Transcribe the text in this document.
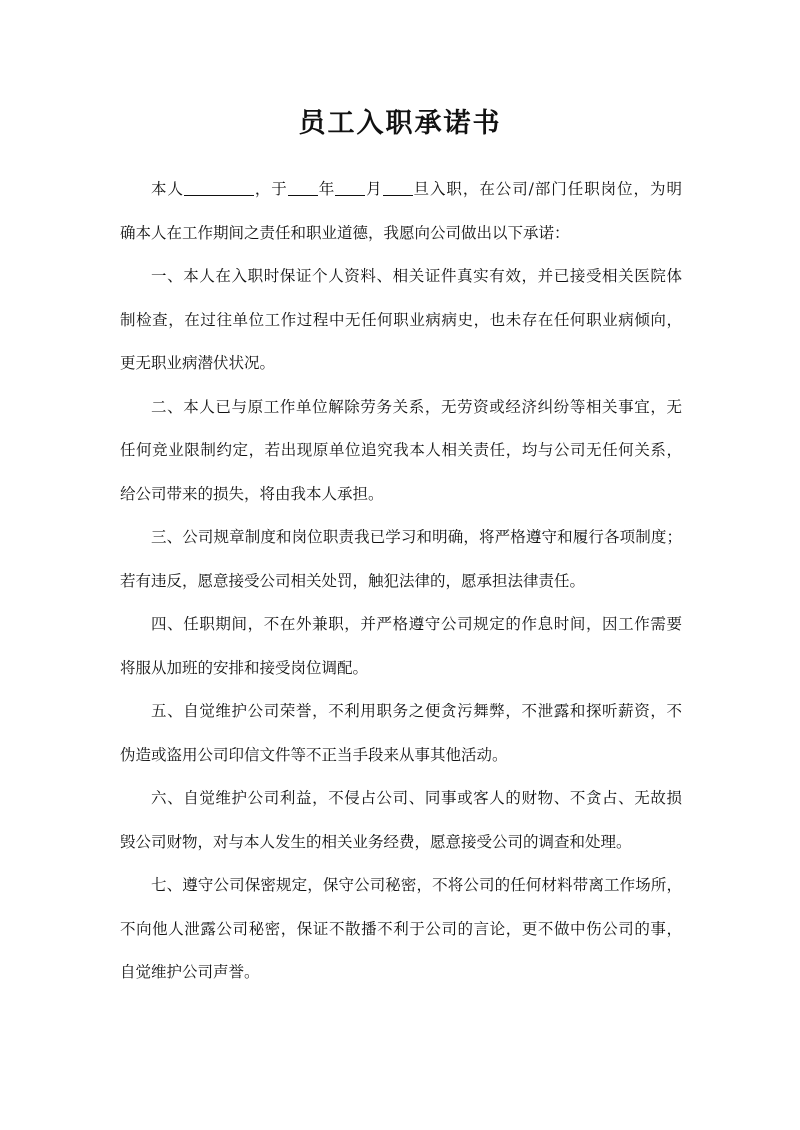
员工入职承诺书
本人	，于 年 月 旦入职，在公司/部门任职岗位，为明
确本人在工作期间之责任和职业道德，我愿向公司做出以下承诺：
一、本人在入职时保证个人资料、相关证件真实有效，并已接受相关医院体
制检查，在过往单位工作过程中无任何职业病病史，也未存在任何职业病倾向，
更无职业病潜伏状况。
二、本人已与原工作单位解除劳务关系，无劳资或经济纠纷等相关事宜，无
任何竞业限制约定，若出现原单位追究我本人相关责任，均与公司无任何关系，
给公司带来的损失，将由我本人承担。
三、公司规章制度和岗位职责我已学习和明确，将严格遵守和履行各项制度；
若有违反，愿意接受公司相关处罚，触犯法律的，愿承担法律责任。
四、任职期间，不在外兼职，并严格遵守公司规定的作息时间，因工作需要
将服从加班的安排和接受岗位调配。
五、自觉维护公司荣誉，不利用职务之便贪污舞弊，不泄露和探听薪资，不
伪造或盗用公司印信文件等不正当手段来从事其他活动。
六、自觉维护公司利益，不侵占公司、同事或客人的财物、不贪占、无故损
毁公司财物，对与本人发生的相关业务经费，愿意接受公司的调查和处理。
七、遵守公司保密规定，保守公司秘密，不将公司的任何材料带离工作场所，
不向他人泄露公司秘密，保证不散播不利于公司的言论，更不做中伤公司的事，
自觉维护公司声誉。
